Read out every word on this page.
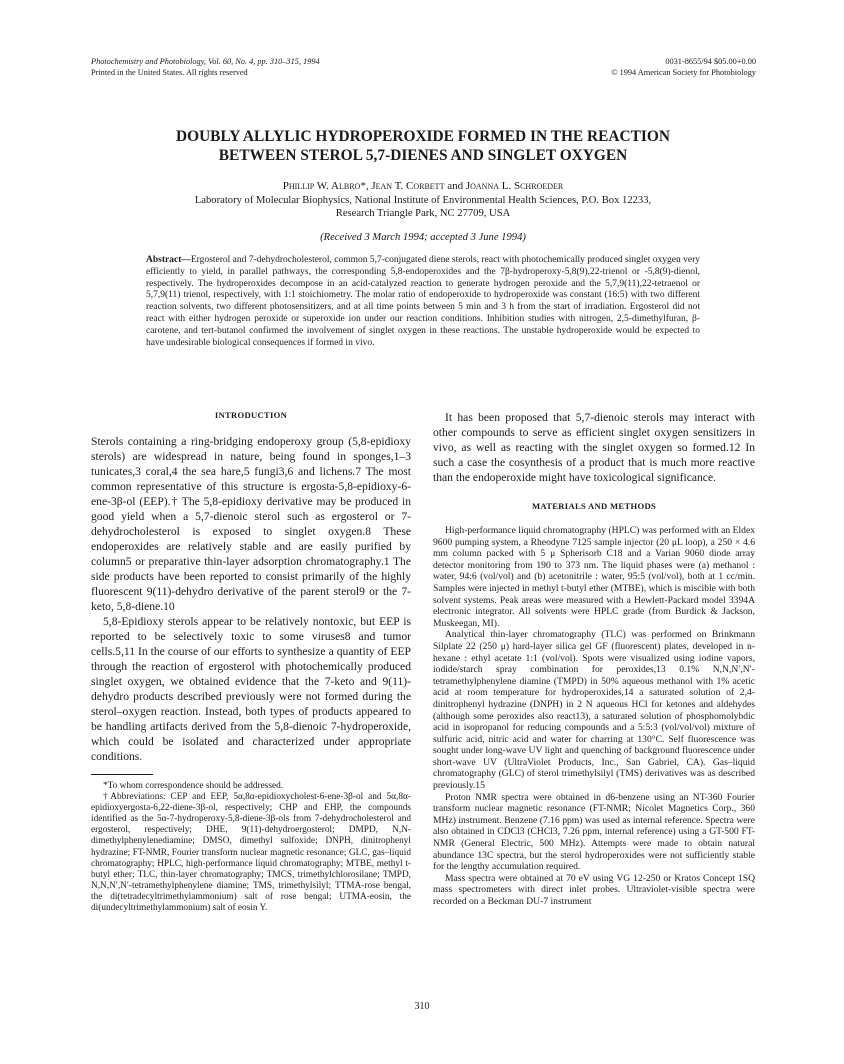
Photochemistry and Photobiology, Vol. 60, No. 4, pp. 310–315, 1994
Printed in the United States. All rights reserved
0031-8655/94 $05.00+0.00
© 1994 American Society for Photobiology
DOUBLY ALLYLIC HYDROPEROXIDE FORMED IN THE REACTION
BETWEEN STEROL 5,7-DIENES AND SINGLET OXYGEN
Phillip W. Albro*, Jean T. Corbett and Joanna L. Schroeder
Laboratory of Molecular Biophysics, National Institute of Environmental Health Sciences, P.O. Box 12233,
Research Triangle Park, NC 27709, USA
(Received 3 March 1994; accepted 3 June 1994)
Abstract—Ergosterol and 7-dehydrocholesterol, common 5,7-conjugated diene sterols, react with photochemically produced singlet oxygen very efficiently to yield, in parallel pathways, the corresponding 5,8-endoperoxides and the 7β-hydroperoxy-5,8(9),22-trienol or -5,8(9)-dienol, respectively. The hydroperoxides decompose in an acid-catalyzed reaction to generate hydrogen peroxide and the 5,7,9(11),22-tetraenol or 5,7,9(11) trienol, respectively, with 1:1 stoichiometry. The molar ratio of endoperoxide to hydroperoxide was constant (16:5) with two different reaction solvents, two different photosensitizers, and at all time points between 5 min and 3 h from the start of irradiation. Ergosterol did not react with either hydrogen peroxide or superoxide ion under our reaction conditions. Inhibition studies with nitrogen, 2,5-dimethylfuran, β-carotene, and tert-butanol confirmed the involvement of singlet oxygen in these reactions. The unstable hydroperoxide would be expected to have undesirable biological consequences if formed in vivo.
INTRODUCTION

Sterols containing a ring-bridging endoperoxy group (5,8-epidioxy sterols) are widespread in nature, being found in sponges,1–3 tunicates,3 coral,4 the sea hare,5 fungi3,6 and lichens.7 The most common representative of this structure is ergosta-5,8-epidioxy-6-ene-3β-ol (EEP).† The 5,8-epidioxy derivative may be produced in good yield when a 5,7-dienoic sterol such as ergosterol or 7-dehydrocholesterol is exposed to singlet oxygen.8 These endoperoxides are relatively stable and are easily purified by column5 or preparative thin-layer adsorption chromatography.1 The side products have been reported to consist primarily of the highly fluorescent 9(11)-dehydro derivative of the parent sterol9 or the 7-keto, 5,8-diene.10

5,8-Epidioxy sterols appear to be relatively nontoxic, but EEP is reported to be selectively toxic to some viruses8 and tumor cells.5,11 In the course of our efforts to synthesize a quantity of EEP through the reaction of ergosterol with photochemically produced singlet oxygen, we obtained evidence that the 7-keto and 9(11)-dehydro products described previously were not formed during the sterol–oxygen reaction. Instead, both types of products appeared to be handling artifacts derived from the 5,8-dienoic 7-hydroperoxide, which could be isolated and characterized under appropriate conditions.

*To whom correspondence should be addressed.

†Abbreviations: CEP and EEP, 5α,8α-epidioxycholest-6-ene-3β-ol and 5α,8α-epidioxyergosta-6,22-diene-3β-ol, respectively; CHP and EHP, the compounds identified as the 5α-7-hydroperoxy-5,8-diene-3β-ols from 7-dehydrocholesterol and ergosterol, respectively; DHE, 9(11)-dehydroergosterol; DMPD, N,N-dimethylphenylenediamine; DMSO, dimethyl sulfoxide; DNPH, dinitrophenyl hydrazine; FT-NMR, Fourier transform nuclear magnetic resonance; GLC, gas–liquid chromatography; HPLC, high-performance liquid chromatography; MTBE, methyl t-butyl ether; TLC, thin-layer chromatography; TMCS, trimethylchlorosilane; TMPD, N,N,N′,N′-tetramethylphenylene diamine; TMS, trimethylsilyl; TTMA-rose bengal, the di(tetradecyltrimethylammonium) salt of rose bengal; UTMA-eosin, the di(undecyltrimethylammonium) salt of eosin Y.

It has been proposed that 5,7-dienoic sterols may interact with other compounds to serve as efficient singlet oxygen sensitizers in vivo, as well as reacting with the singlet oxygen so formed.12 In such a case the cosynthesis of a product that is much more reactive than the endoperoxide might have toxicological significance.

MATERIALS AND METHODS

High-performance liquid chromatography (HPLC) was performed with an Eldex 9600 pumping system, a Rheodyne 7125 sample injector (20 μL loop), a 250 × 4.6 mm column packed with 5 μ Spherisorb C18 and a Varian 9060 diode array detector monitoring from 190 to 373 nm. The liquid phases were (a) methanol : water, 94:6 (vol/vol) and (b) acetonitrile : water, 95:5 (vol/vol), both at 1 cc/min. Samples were injected in methyl t-butyl ether (MTBE), which is miscible with both solvent systems. Peak areas were measured with a Hewlett-Packard model 3394A electronic integrator. All solvents were HPLC grade (from Burdick & Jackson, Muskeegan, MI).

Analytical thin-layer chromatography (TLC) was performed on Brinkmann Silplate 22 (250 μ) hard-layer silica gel GF (fluorescent) plates, developed in n-hexane : ethyl acetate 1:1 (vol/vol). Spots were visualized using iodine vapors, iodide/starch spray combination for peroxides,13 0.1% N,N,N′,N′-tetramethylphenylene diamine (TMPD) in 50% aqueous methanol with 1% acetic acid at room temperature for hydroperoxides,14 a saturated solution of 2,4-dinitrophenyl hydrazine (DNPH) in 2 N aqueous HCl for ketones and aldehydes (although some peroxides also react13), a saturated solution of phosphomolybdic acid in isopropanol for reducing compounds and a 5:5:3 (vol/vol/vol) mixture of sulfuric acid, nitric acid and water for charring at 130°C. Self fluorescence was sought under long-wave UV light and quenching of background fluorescence under short-wave UV (UltraViolet Products, Inc., San Gabriel, CA). Gas–liquid chromatography (GLC) of sterol trimethylsilyl (TMS) derivatives was as described previously.15

Proton NMR spectra were obtained in d6-benzene using an NT-360 Fourier transform nuclear magnetic resonance (FT-NMR; Nicolet Magnetics Corp., 360 MHz) instrument. Benzene (7.16 ppm) was used as internal reference. Spectra were also obtained in CDCl3 (CHCl3, 7.26 ppm, internal reference) using a GT-500 FT-NMR (General Electric, 500 MHz). Attempts were made to obtain natural abundance 13C spectra, but the sterol hydroperoxides were not sufficiently stable for the lengthy accumulation required.

Mass spectra were obtained at 70 eV using VG 12-250 or Kratos Concept 1SQ mass spectrometers with direct inlet probes. Ultraviolet-visible spectra were recorded on a Beckman DU-7 instrument

310
